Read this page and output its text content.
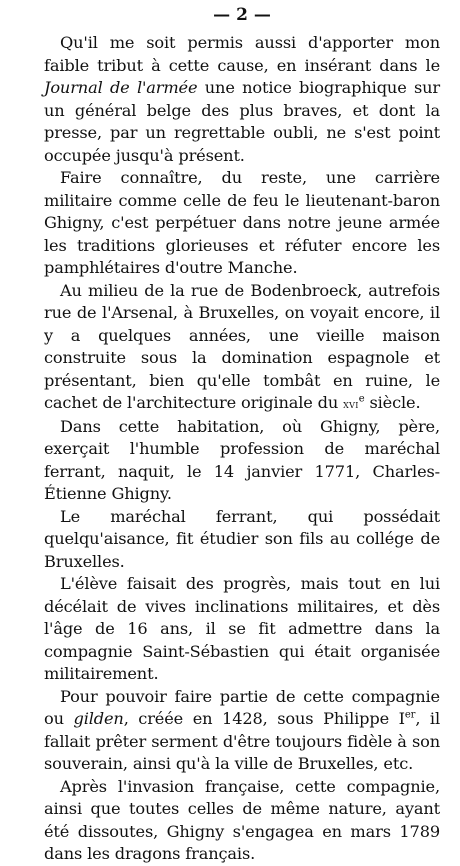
— 2 —

Qu'il me soit permis aussi d'apporter mon faible tribut à cette cause, en insérant dans le Journal de l'armée une notice biographique sur un général belge des plus braves, et dont la presse, par un regrettable oubli, ne s'est point occupée jusqu'à présent.

Faire connaître, du reste, une carrière militaire comme celle de feu le lieutenant-baron Ghigny, c'est perpétuer dans notre jeune armée les traditions glorieuses et réfuter encore les pamphlétaires d'outre Manche.

Au milieu de la rue de Bodenbroeck, autrefois rue de l'Arsenal, à Bruxelles, on voyait encore, il y a quelques années, une vieille maison construite sous la domination espagnole et présentant, bien qu'elle tombât en ruine, le cachet de l'architecture originale du xvi$^e$ siècle.

Dans cette habitation, où Ghigny, père, exerçait l'humble profession de maréchal ferrant, naquit, le 14 janvier 1771, Charles-Étienne Ghigny.

Le maréchal ferrant, qui possédait quelqu'aisance, fit étudier son fils au collége de Bruxelles.

L'élève faisait des progrès, mais tout en lui décélait de vives inclinations militaires, et dès l'âge de 16 ans, il se fit admettre dans la compagnie Saint-Sébastien qui était organisée militairement.

Pour pouvoir faire partie de cette compagnie ou gilden, créée en 1428, sous Philippe Ier, il fallait prêter serment d'être toujours fidèle à son souverain, ainsi qu'à la ville de Bruxelles, etc.

Après l'invasion française, cette compagnie, ainsi que toutes celles de même nature, ayant été dissoutes, Ghigny s'engagea en mars 1789 dans les dragons français.
